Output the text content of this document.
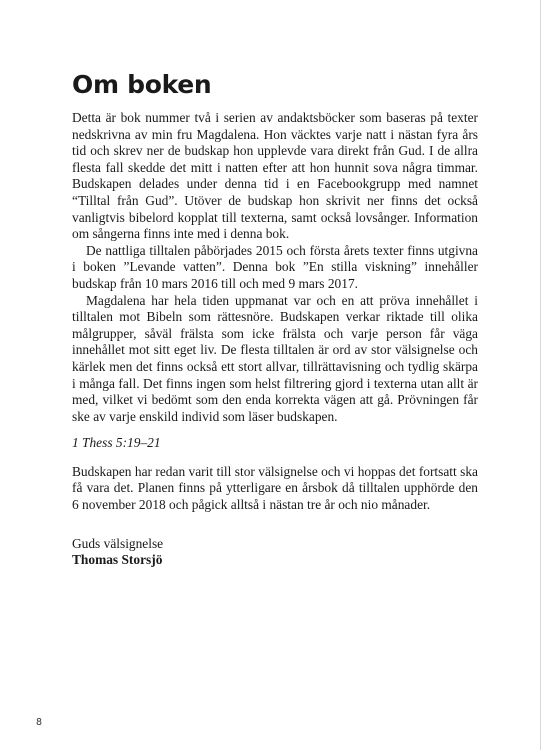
Om boken

Detta är bok nummer två i serien av andaktsböcker som baseras på texter nedskrivna av min fru Magdalena. Hon väcktes varje natt i nästan fyra års tid och skrev ner de budskap hon upplevde vara direkt från Gud. I de allra flesta fall skedde det mitt i natten efter att hon hunnit sova några timmar. Budskapen delades under denna tid i en Facebookgrupp med namnet “Tilltal från Gud”. Utöver de budskap hon skrivit ner finns det också vanligtvis bibelord kopplat till texterna, samt också lovsånger. Information om sångerna finns inte med i denna bok.

De nattliga tilltalen påbörjades 2015 och första årets texter finns utgivna i boken ”Levande vatten”. Denna bok ”En stilla viskning” innehåller budskap från 10 mars 2016 till och med 9 mars 2017.

Magdalena har hela tiden uppmanat var och en att pröva innehållet i tilltalen mot Bibeln som rättesnöre. Budskapen verkar riktade till olika målgrupper, såväl frälsta som icke frälsta och varje person får väga innehållet mot sitt eget liv. De flesta tilltalen är ord av stor välsignelse och kärlek men det finns också ett stort allvar, tillrättavisning och tydlig skärpa i många fall. Det finns ingen som helst filtrering gjord i texterna utan allt är med, vilket vi bedömt som den enda korrekta vägen att gå. Prövningen får ske av varje enskild individ som läser budskapen.

1 Thess 5:19–21

Budskapen har redan varit till stor välsignelse och vi hoppas det fortsatt ska få vara det. Planen finns på ytterligare en årsbok då tilltalen upphörde den 6 november 2018 och pågick alltså i nästan tre år och nio månader.

Guds välsignelse

Thomas Storsjö

8
